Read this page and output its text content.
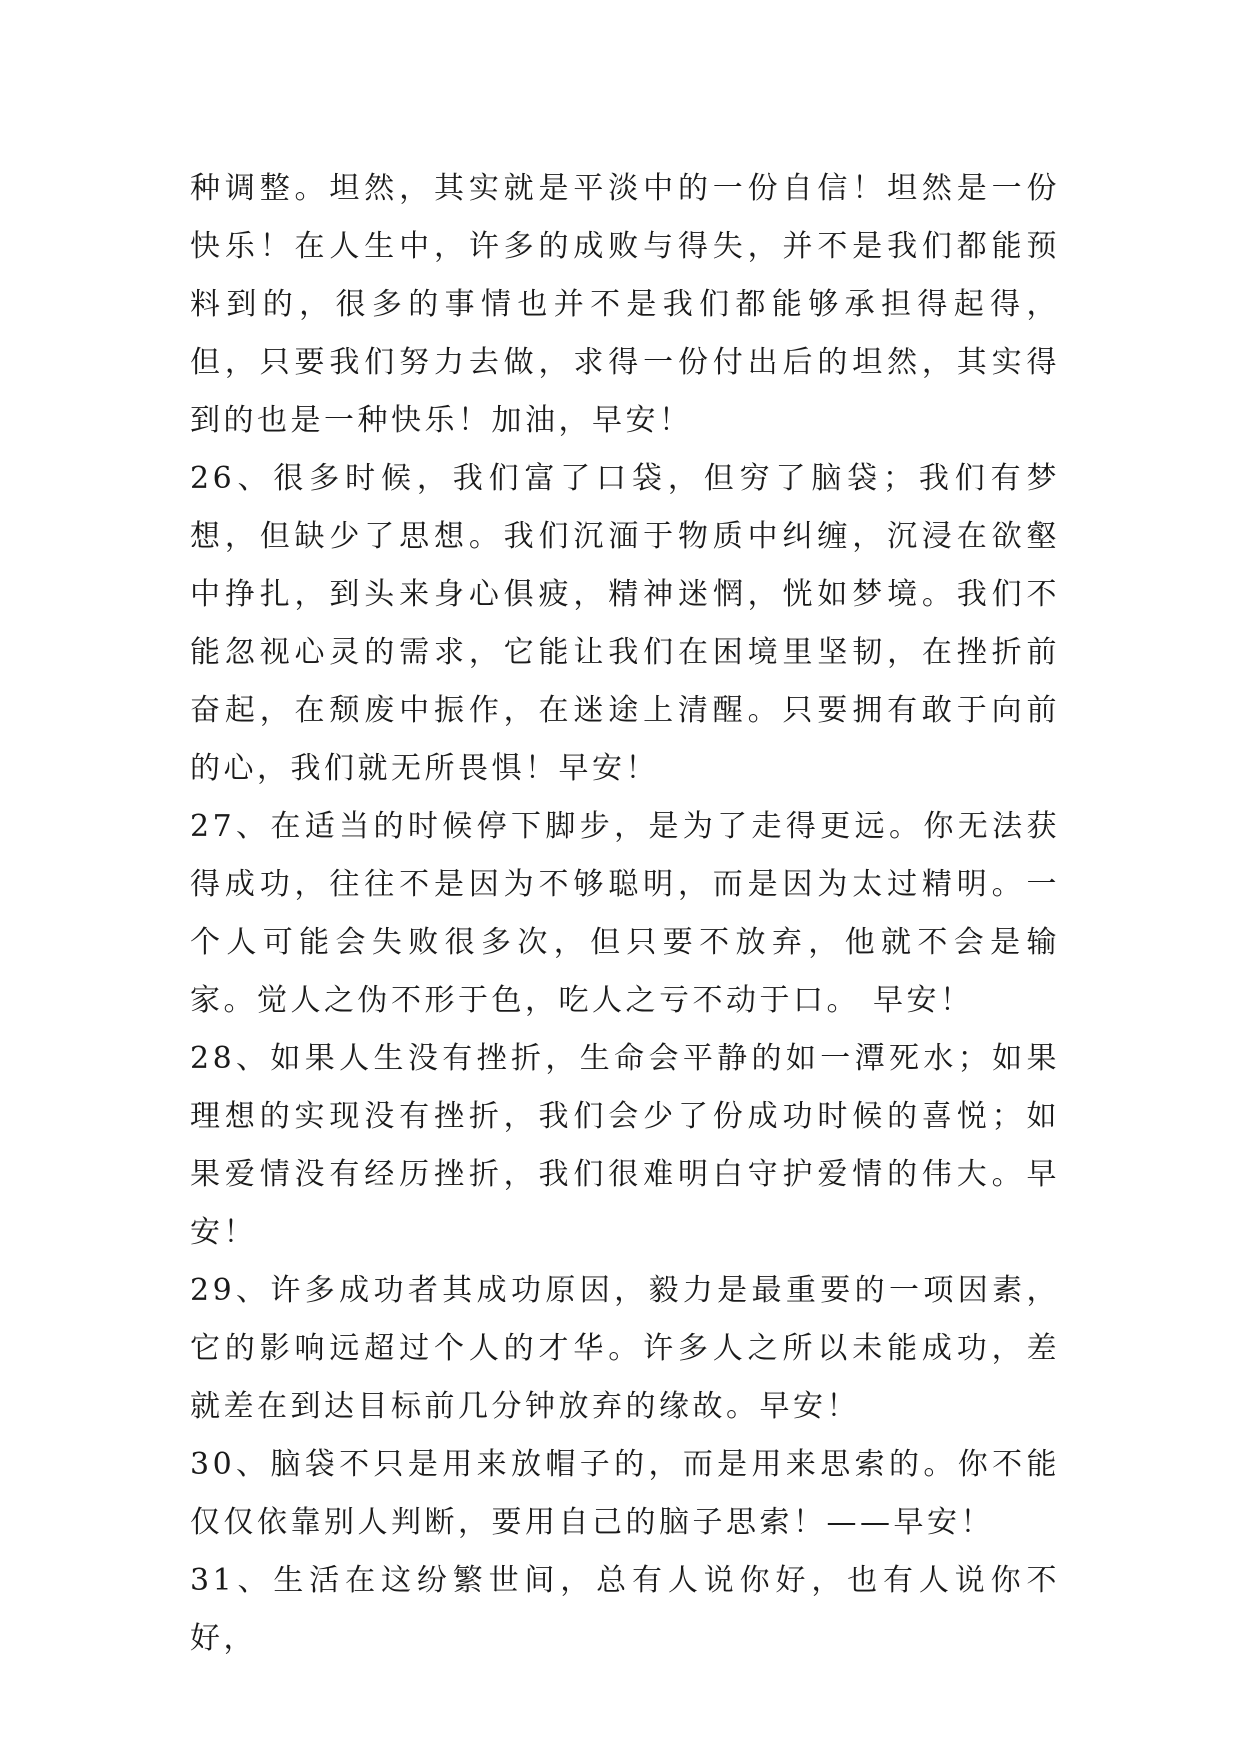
种调整。坦然，其实就是平淡中的一份自信！坦然是一份快乐！在人生中，许多的成败与得失，并不是我们都能预料到的，很多的事情也并不是我们都能够承担得起得，但，只要我们努力去做，求得一份付出后的坦然，其实得到的也是一种快乐！加油，早安！

26、很多时候，我们富了口袋，但穷了脑袋；我们有梦想，但缺少了思想。我们沉湎于物质中纠缠，沉浸在欲壑中挣扎，到头来身心俱疲，精神迷惘，恍如梦境。我们不能忽视心灵的需求，它能让我们在困境里坚韧，在挫折前奋起，在颓废中振作，在迷途上清醒。只要拥有敢于向前的心，我们就无所畏惧！早安！

27、在适当的时候停下脚步，是为了走得更远。你无法获得成功，往往不是因为不够聪明，而是因为太过精明。一个人可能会失败很多次，但只要不放弃，他就不会是输家。觉人之伪不形于色，吃人之亏不动于口。 早安！

28、如果人生没有挫折，生命会平静的如一潭死水；如果理想的实现没有挫折，我们会少了份成功时候的喜悦；如果爱情没有经历挫折，我们很难明白守护爱情的伟大。早安！

29、许多成功者其成功原因，毅力是最重要的一项因素，它的影响远超过个人的才华。许多人之所以未能成功，差就差在到达目标前几分钟放弃的缘故。早安！

30、脑袋不只是用来放帽子的，而是用来思索的。你不能仅仅依靠别人判断，要用自己的脑子思索！——早安！

31、生活在这纷繁世间，总有人说你好，也有人说你不好，
